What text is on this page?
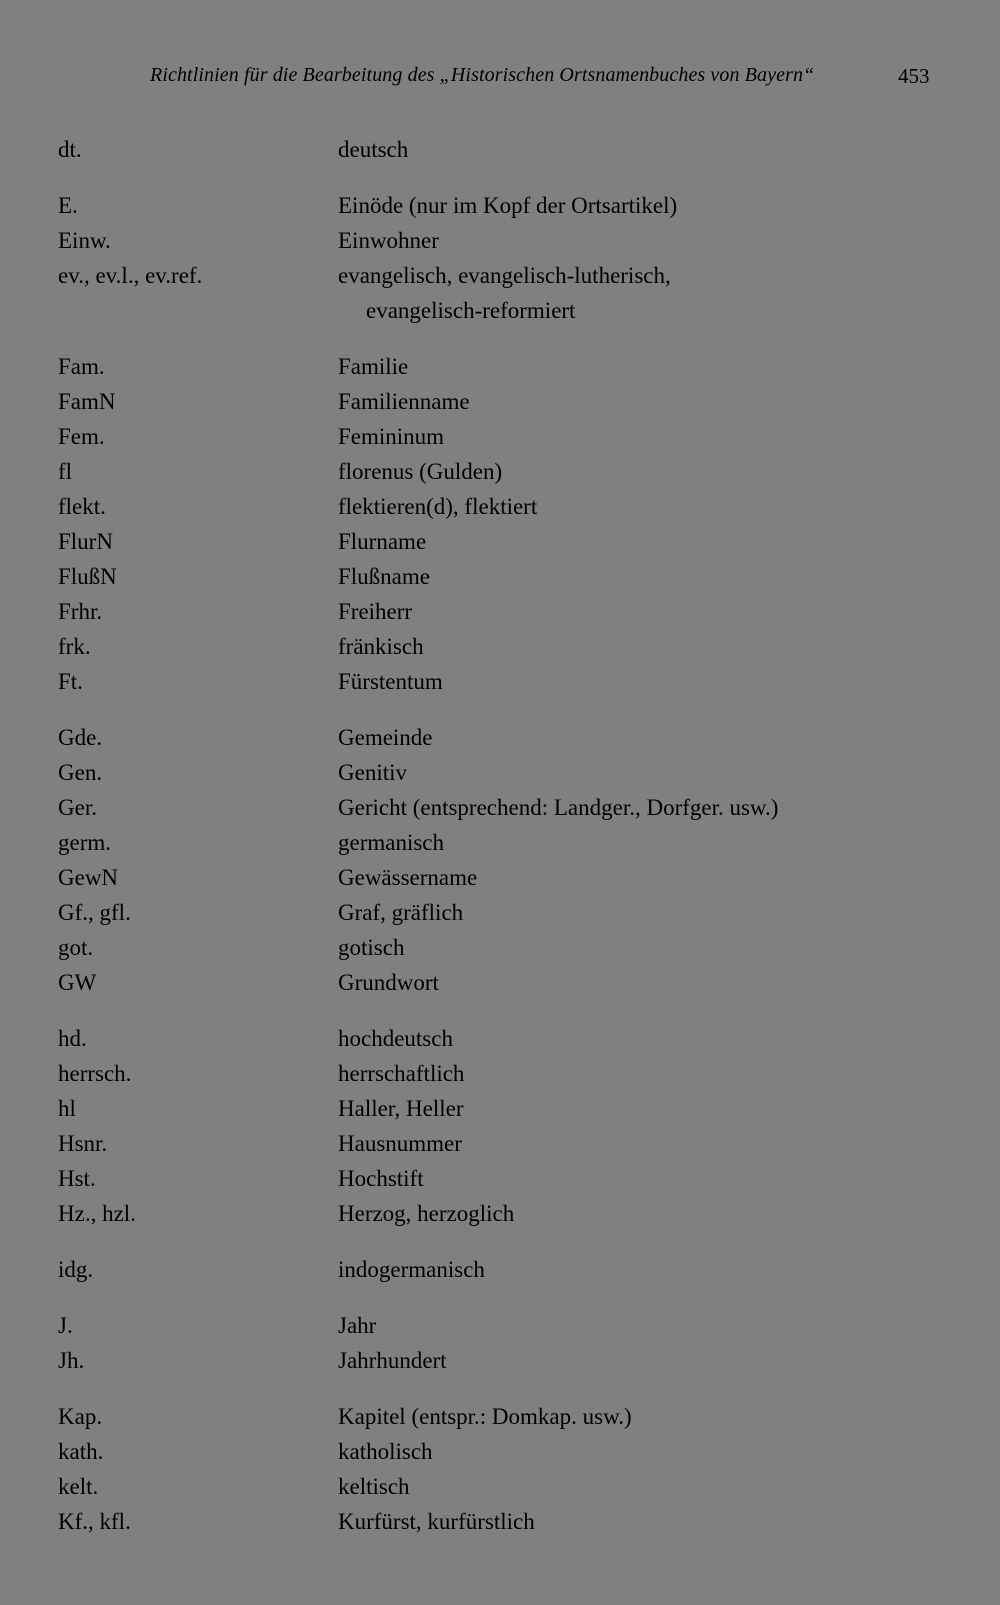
Richtlinien für die Bearbeitung des „Historischen Ortsnamenbuches von Bayern“	453
dt.	deutsch
E.	Einöde (nur im Kopf der Ortsartikel)
Einw.	Einwohner
ev., ev.l., ev.ref.	evangelisch, evangelisch-lutherisch,
evangelisch-reformiert
Fam.	Familie
FamN	Familienname
Fem.	Femininum
fl	florenus (Gulden)
flekt.	flektieren(d), flektiert
FlurN	Flurname
FlußN	Flußname
Frhr.	Freiherr
frk.	fränkisch
Ft.	Fürstentum
Gde.	Gemeinde
Gen.	Genitiv
Ger.	Gericht (entsprechend: Landger., Dorfger. usw.)
germ.	germanisch
GewN	Gewässername
Gf., gfl.	Graf, gräflich
got.	gotisch
GW	Grundwort
hd.	hochdeutsch
herrsch.	herrschaftlich
hl	Haller, Heller
Hsnr.	Hausnummer
Hst.	Hochstift
Hz., hzl.	Herzog, herzoglich
idg.	indogermanisch
J.	Jahr
Jh.	Jahrhundert
Kap.	Kapitel (entspr.: Domkap. usw.)
kath.	katholisch
kelt.	keltisch
Kf., kfl.	Kurfürst, kurfürstlich
